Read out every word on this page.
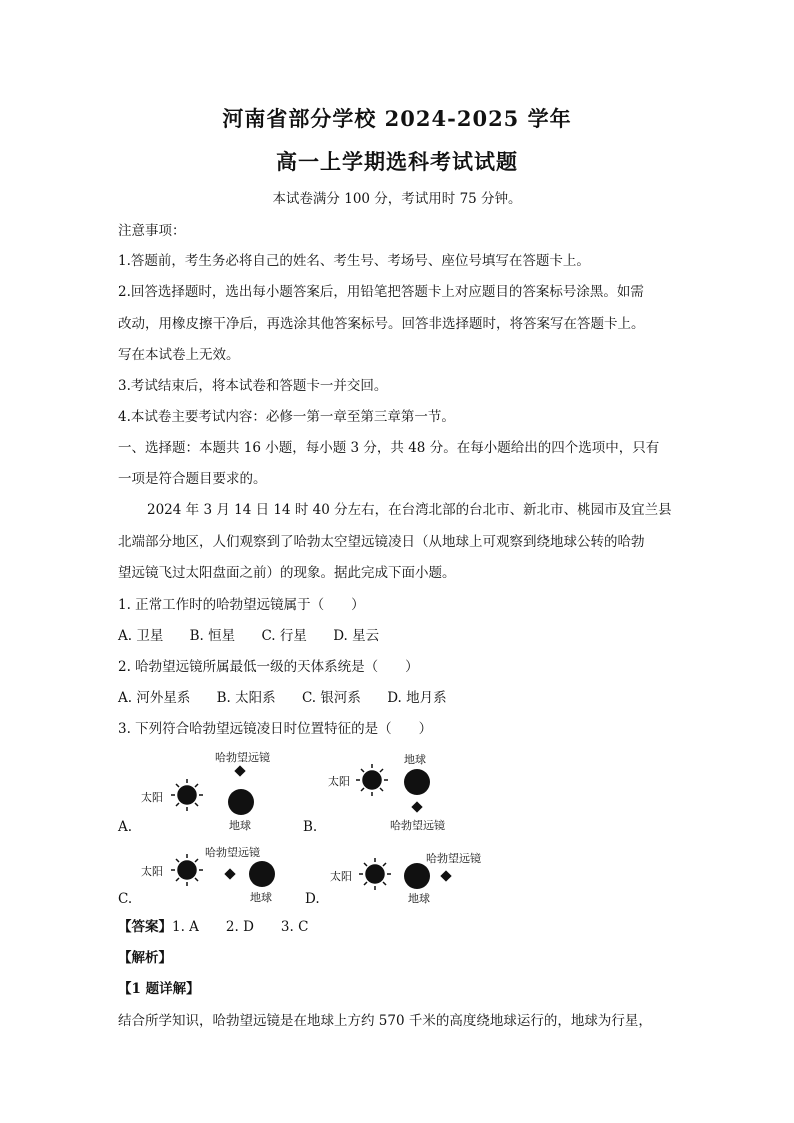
河南省部分学校 2024-2025 学年
高一上学期选科考试试题
本试卷满分 100 分，考试用时 75 分钟。
注意事项：
1.答题前，考生务必将自己的姓名、考生号、考场号、座位号填写在答题卡上。
2.回答选择题时，选出每小题答案后，用铅笔把答题卡上对应题目的答案标号涂黑。如需
改动，用橡皮擦干净后，再选涂其他答案标号。回答非选择题时，将答案写在答题卡上。
写在本试卷上无效。
3.考试结束后，将本试卷和答题卡一并交回。
4.本试卷主要考试内容：必修一第一章至第三章第一节。
一、选择题：本题共 16 小题，每小题 3 分，共 48 分。在每小题给出的四个选项中，只有
一项是符合题目要求的。
2024 年 3 月 14 日 14 时 40 分左右，在台湾北部的台北市、新北市、桃园市及宜兰县
北端部分地区，人们观察到了哈勃太空望远镜凌日（从地球上可观察到绕地球公转的哈勃
望远镜飞过太阳盘面之前）的现象。据此完成下面小题。
1. 正常工作时的哈勃望远镜属于（　　）
A. 卫星 B. 恒星 C. 行星 D. 星云
2. 哈勃望远镜所属最低一级的天体系统是（　　）
A. 河外星系 B. 太阳系 C. 银河系 D. 地月系
3. 下列符合哈勃望远镜凌日时位置特征的是（　　）
A.
哈勃望远镜
太阳
地球	B.
地球
太阳
哈勃望远镜
C.
哈勃望远镜
太阳
地球 D.
哈勃望远镜
太阳
地球
【答案】1. A　　2. D　　3. C
【解析】
【1 题详解】
结合所学知识，哈勃望远镜是在地球上方约 570 千米的高度绕地球运行的，地球为行星，
